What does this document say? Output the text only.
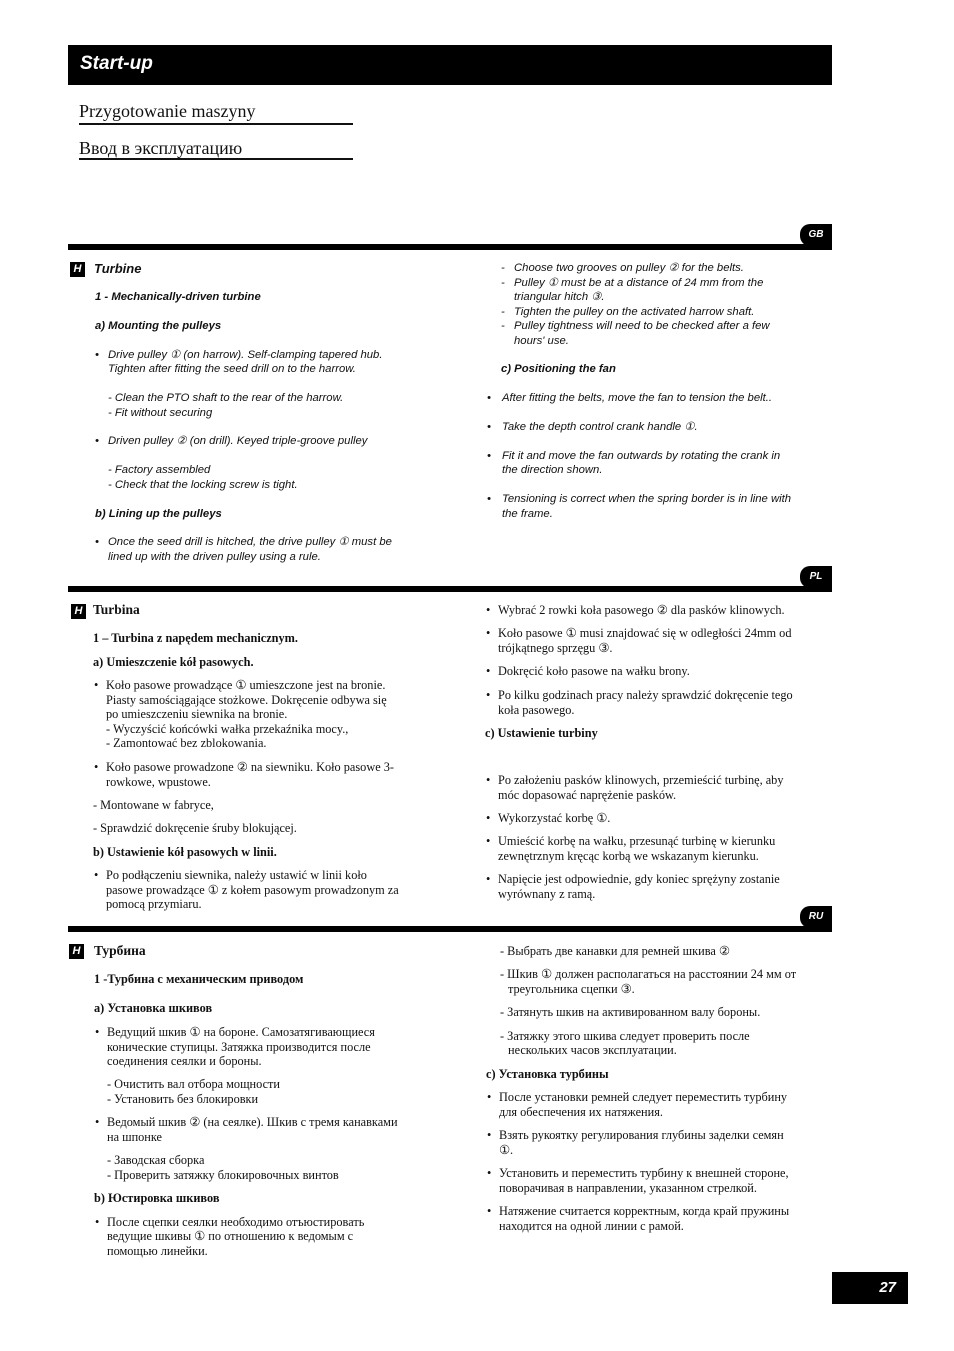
Start-up
Przygotowanie maszyny
Ввод в эксплуатацию
GB
H Turbine
1 - Mechanically-driven turbine
a) Mounting the pulleys
• Drive pulley ① (on harrow). Self-clamping tapered hub.
Tighten after fitting the seed drill on to the harrow.
- Clean the PTO shaft to the rear of the harrow.
- Fit without securing
• Driven pulley ② (on drill). Keyed triple-groove pulley
- Factory assembled
- Check that the locking screw is tight.
b) Lining up the pulleys
• Once the seed drill is hitched, the drive pulley ① must be
lined up with the driven pulley using a rule.
- Choose two grooves on pulley ② for the belts.
- Pulley ① must be at a distance of 24 mm from the
triangular hitch ③.
- Tighten the pulley on the activated harrow shaft.
- Pulley tightness will need to be checked after a few
hours' use.
c) Positioning the fan
• After fitting the belts, move the fan to tension the belt..
• Take the depth control crank handle ①.
• Fit it and move the fan outwards by rotating the crank in
the direction shown.
• Tensioning is correct when the spring border is in line with
the frame.
PL
H Turbina
1 – Turbina z napędem mechanicznym.
a) Umieszczenie kół pasowych.
• Koło pasowe prowadzące ① umieszczone jest na bronie.
Piasty samościągające stożkowe. Dokręcenie odbywa się
po umieszczeniu siewnika na bronie.
- Wyczyścić końcówki wałka przekaźnika mocy.,
- Zamontować bez zblokowania.
• Koło pasowe prowadzone ② na siewniku. Koło pasowe 3-
rowkowe, wpustowe.
- Montowane w fabryce,
- Sprawdzić dokręcenie śruby blokującej.
b) Ustawienie kół pasowych w linii.
• Po podłączeniu siewnika, należy ustawić w linii koło
pasowe prowadzące ① z kołem pasowym prowadzonym za
pomocą przymiaru.
• Wybrać 2 rowki koła pasowego ② dla pasków klinowych.
• Koło pasowe ① musi znajdować się w odległości 24mm od
trójkątnego sprzęgu ③.
• Dokręcić koło pasowe na wałku brony.
• Po kilku godzinach pracy należy sprawdzić dokręcenie tego
koła pasowego.
c) Ustawienie turbiny
• Po założeniu pasków klinowych, przemieścić turbinę, aby
móc dopasować naprężenie pasków.
• Wykorzystać korbę ①.
• Umieścić korbę na wałku, przesunąć turbinę w kierunku
zewnętrznym kręcąc korbą we wskazanym kierunku.
• Napięcie jest odpowiednie, gdy koniec sprężyny zostanie
wyrównany z ramą.
RU
H Турбина
1 -Турбина с механическим приводом
а) Установка шкивов
• Ведущий шкив ① на бороне. Самозатягивающиеся
конические ступицы. Затяжка производится после
соединения сеялки и бороны.
- Очистить вал отбора мощности
- Установить без блокировки
• Ведомый шкив ② (на сеялке). Шкив с тремя канавками
на шпонке
- Заводская сборка
- Проверить затяжку блокировочных винтов
b) Юстировка шкивов
• После сцепки сеялки необходимо отъюстировать
ведущие шкивы ① по отношению к ведомым с
помощью линейки.
- Выбрать две канавки для ремней шкива ②
- Шкив ① должен располагаться на расстоянии 24 мм от
треугольника сцепки ③.
- Затянуть шкив на активированном валу бороны.
- Затяжку этого шкива следует проверить после
нескольких часов эксплуатации.
с) Установка турбины
• После установки ремней следует переместить турбину
для обеспечения их натяжения.
• Взять рукоятку регулирования глубины заделки семян
①.
• Установить и переместить турбину к внешней стороне,
поворачивая в направлении, указанном стрелкой.
• Натяжение считается корректным, когда край пружины
находится на одной линии с рамой.
27
